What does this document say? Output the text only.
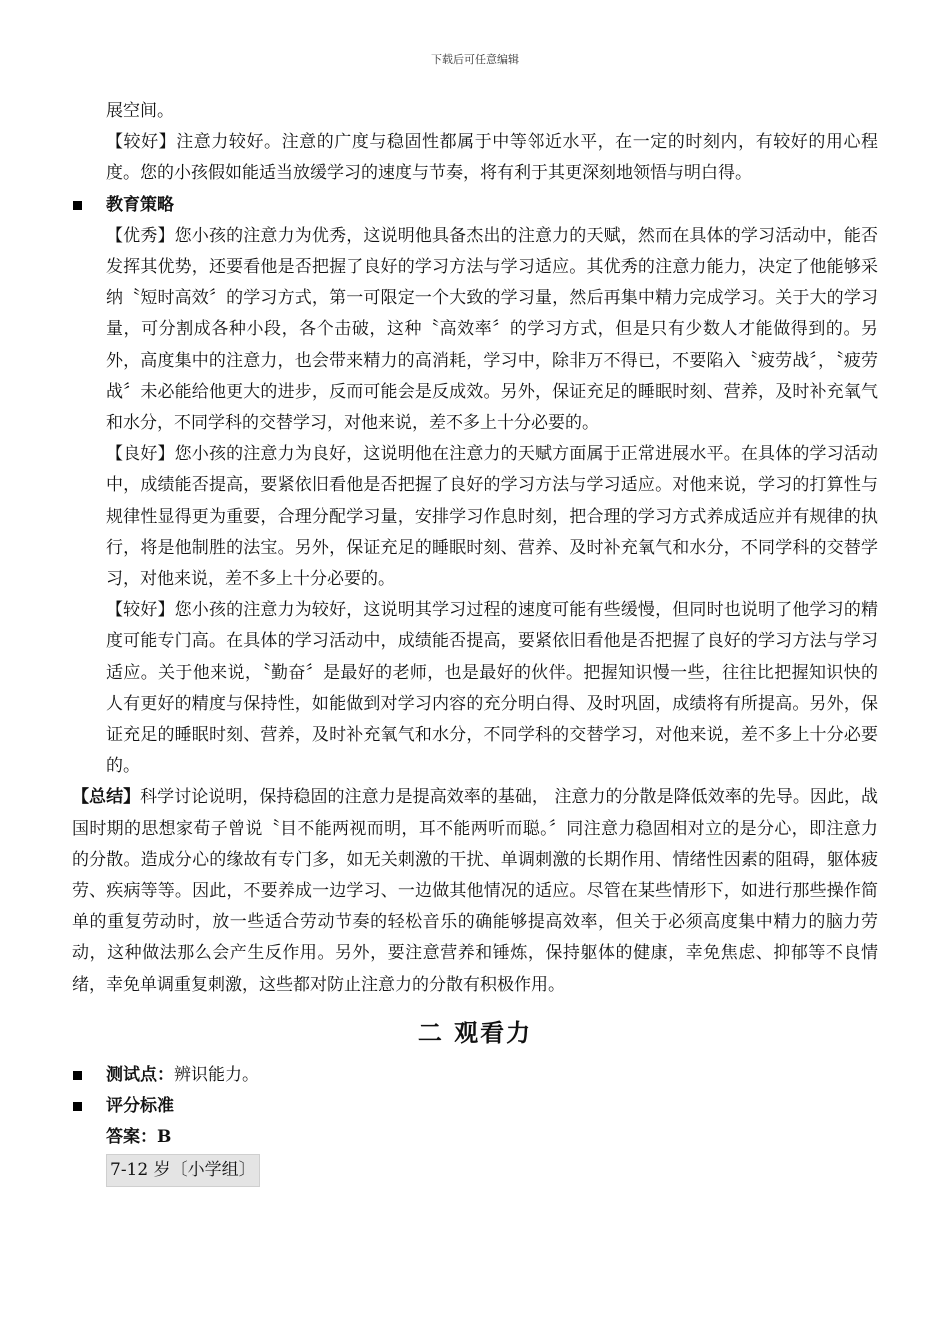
下载后可任意编辑

展空间。

【较好】注意力较好。注意的广度与稳固性都属于中等邻近水平，在一定的时刻内，有较好的用心程度。您的小孩假如能适当放缓学习的速度与节奏，将有利于其更深刻地领悟与明白得。

教育策略

【优秀】您小孩的注意力为优秀，这说明他具备杰出的注意力的天赋，然而在具体的学习活动中，能否发挥其优势，还要看他是否把握了良好的学习方法与学习适应。其优秀的注意力能力，决定了他能够采纳〝短时高效〞的学习方式，第一可限定一个大致的学习量，然后再集中精力完成学习。关于大的学习量，可分割成各种小段，各个击破，这种〝高效率〞的学习方式，但是只有少数人才能做得到的。另外，高度集中的注意力，也会带来精力的高消耗，学习中，除非万不得已，不要陷入〝疲劳战〞，〝疲劳战〞未必能给他更大的进步，反而可能会是反成效。另外，保证充足的睡眠时刻、营养，及时补充氧气和水分，不同学科的交替学习，对他来说，差不多上十分必要的。

【良好】您小孩的注意力为良好，这说明他在注意力的天赋方面属于正常进展水平。在具体的学习活动中，成绩能否提高，要紧依旧看他是否把握了良好的学习方法与学习适应。对他来说，学习的打算性与规律性显得更为重要，合理分配学习量，安排学习作息时刻，把合理的学习方式养成适应并有规律的执行，将是他制胜的法宝。另外，保证充足的睡眠时刻、营养、及时补充氧气和水分，不同学科的交替学习，对他来说，差不多上十分必要的。

【较好】您小孩的注意力为较好，这说明其学习过程的速度可能有些缓慢，但同时也说明了他学习的精度可能专门高。在具体的学习活动中，成绩能否提高，要紧依旧看他是否把握了良好的学习方法与学习适应。关于他来说，〝勤奋〞是最好的老师，也是最好的伙伴。把握知识慢一些，往往比把握知识快的人有更好的精度与保持性，如能做到对学习内容的充分明白得、及时巩固，成绩将有所提高。另外，保证充足的睡眠时刻、营养，及时补充氧气和水分，不同学科的交替学习，对他来说，差不多上十分必要的。

【总结】科学讨论说明，保持稳固的注意力是提高效率的基础， 注意力的分散是降低效率的先导。因此，战国时期的思想家荀子曾说〝目不能两视而明，耳不能两听而聪。〞同注意力稳固相对立的是分心，即注意力的分散。造成分心的缘故有专门多，如无关刺激的干扰、单调刺激的长期作用、情绪性因素的阻碍，躯体疲劳、疾病等等。因此，不要养成一边学习、一边做其他情况的适应。尽管在某些情形下，如进行那些操作简单的重复劳动时，放一些适合劳动节奏的轻松音乐的确能够提高效率，但关于必须高度集中精力的脑力劳动，这种做法那么会产生反作用。另外，要注意营养和锤炼，保持躯体的健康，幸免焦虑、抑郁等不良情绪，幸免单调重复刺激，这些都对防止注意力的分散有积极作用。

二 观看力
测试点：辨识能力。
评分标准
答案：B
7-12 岁〔小学组〕
